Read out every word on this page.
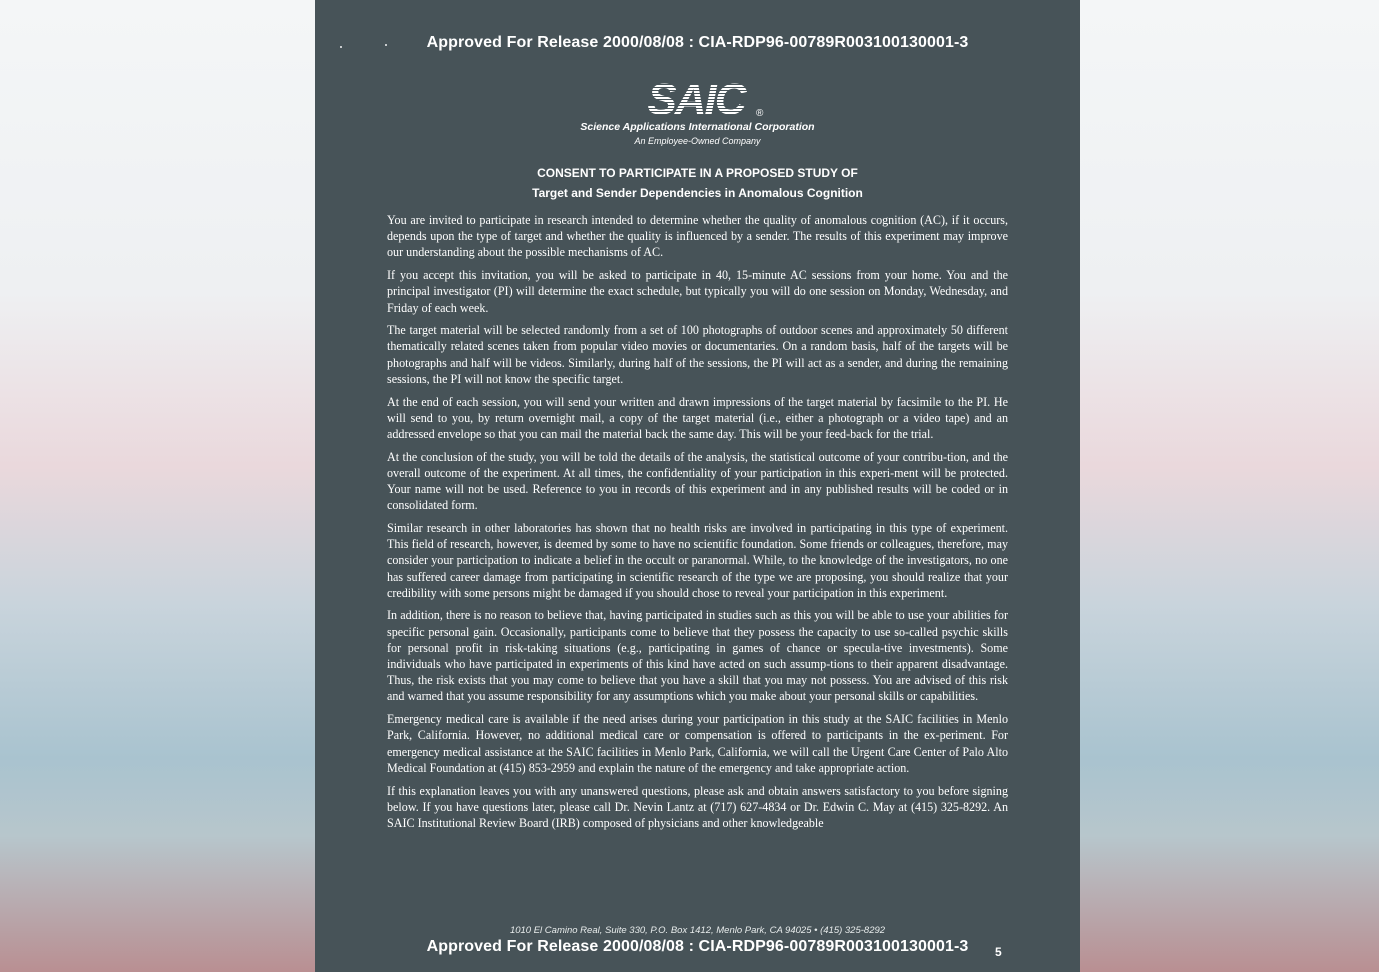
Approved For Release 2000/08/08 : CIA-RDP96-00789R003100130001-3
SAIC	®
Science Applications International Corporation
An Employee-Owned Company
CONSENT TO PARTICIPATE IN A PROPOSED STUDY OF
Target and Sender Dependencies in Anomalous Cognition

You are invited to participate in research intended to determine whether the quality of anomalous cognition (AC), if it occurs, depends upon the type of target and whether the quality is influenced by a sender. The results of this experiment may improve our understanding about the possible mechanisms of AC.

If you accept this invitation, you will be asked to participate in 40, 15-minute AC sessions from your home. You and the principal investigator (PI) will determine the exact schedule, but typically you will do one session on Monday, Wednesday, and Friday of each week.

The target material will be selected randomly from a set of 100 photographs of outdoor scenes and approximately 50 different thematically related scenes taken from popular video movies or documentaries. On a random basis, half of the targets will be photographs and half will be videos. Similarly, during half of the sessions, the PI will act as a sender, and during the remaining sessions, the PI will not know the specific target.

At the end of each session, you will send your written and drawn impressions of the target material by facsimile to the PI. He will send to you, by return overnight mail, a copy of the target material (i.e., either a photograph or a video tape) and an addressed envelope so that you can mail the material back the same day. This will be your feed-back for the trial.

At the conclusion of the study, you will be told the details of the analysis, the statistical outcome of your contribu-tion, and the overall outcome of the experiment. At all times, the confidentiality of your participation in this experi-ment will be protected. Your name will not be used. Reference to you in records of this experiment and in any published results will be coded or in consolidated form.

Similar research in other laboratories has shown that no health risks are involved in participating in this type of experiment. This field of research, however, is deemed by some to have no scientific foundation. Some friends or colleagues, therefore, may consider your participation to indicate a belief in the occult or paranormal. While, to the knowledge of the investigators, no one has suffered career damage from participating in scientific research of the type we are proposing, you should realize that your credibility with some persons might be damaged if you should chose to reveal your participation in this experiment.

In addition, there is no reason to believe that, having participated in studies such as this you will be able to use your abilities for specific personal gain. Occasionally, participants come to believe that they possess the capacity to use so-called psychic skills for personal profit in risk-taking situations (e.g., participating in games of chance or specula-tive investments). Some individuals who have participated in experiments of this kind have acted on such assump-tions to their apparent disadvantage. Thus, the risk exists that you may come to believe that you have a skill that you may not possess. You are advised of this risk and warned that you assume responsibility for any assumptions which you make about your personal skills or capabilities.

Emergency medical care is available if the need arises during your participation in this study at the SAIC facilities in Menlo Park, California. However, no additional medical care or compensation is offered to participants in the ex-periment. For emergency medical assistance at the SAIC facilities in Menlo Park, California, we will call the Urgent Care Center of Palo Alto Medical Foundation at (415) 853-2959 and explain the nature of the emergency and take appropriate action.

If this explanation leaves you with any unanswered questions, please ask and obtain answers satisfactory to you before signing below. If you have questions later, please call Dr. Nevin Lantz at (717) 627-4834 or Dr. Edwin C. May at (415) 325-8292. An SAIC Institutional Review Board (IRB) composed of physicians and other knowledgeable

1010 El Camino Real, Suite 330, P.O. Box 1412, Menlo Park, CA 94025 • (415) 325-8292
Approved For Release 2000/08/08 : CIA-RDP96-00789R003100130001-3	5
